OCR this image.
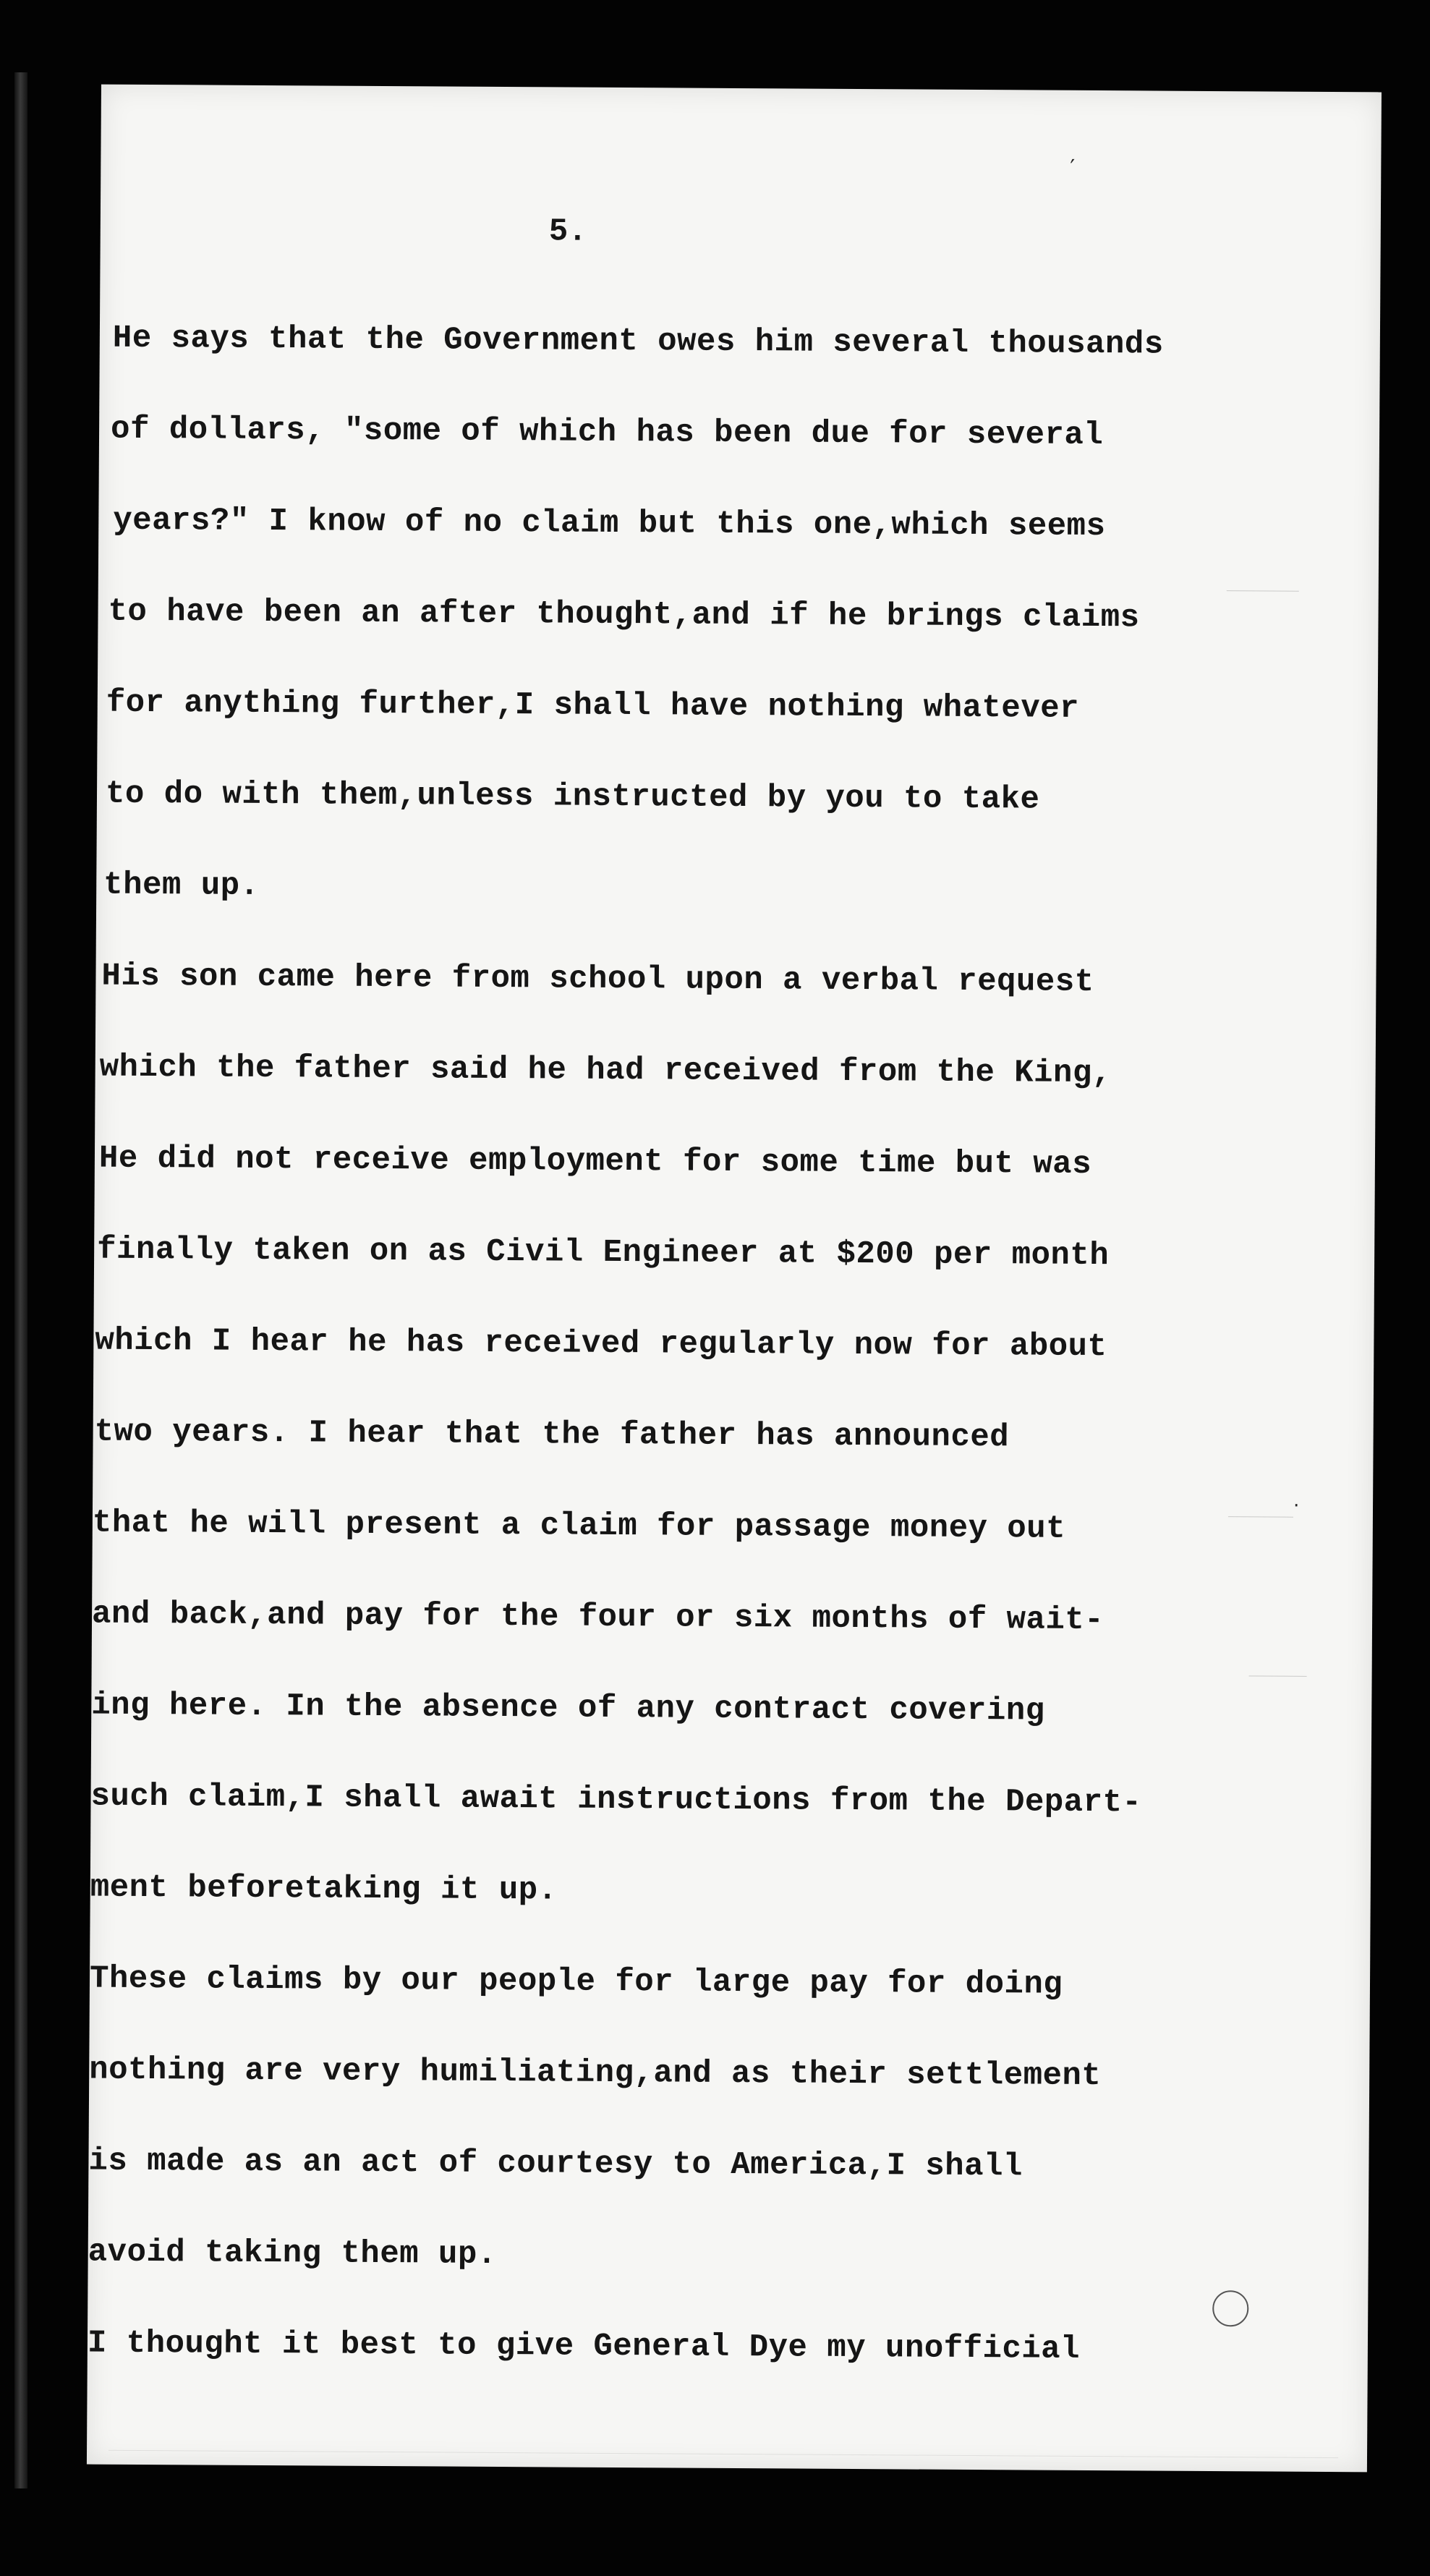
′
·
5.
He says that the Government owes him several thousands
of dollars, "some of which has been due for several
years?" I know of no claim but this one,which seems
to have been an after thought,and if he brings claims
for anything further,I shall have nothing whatever
to do with them,unless instructed by you to take
them up.
His son came here from school upon a verbal request
which the father said he had received from the King,
He did not receive employment for some time but was
finally taken on as Civil Engineer at $200 per month
which I hear he has received regularly now for about
two years. I hear that the father has announced
that he will present a claim for passage money out
and back,and pay for the four or six months of wait-
ing here. In the absence of any contract covering
such claim,I shall await instructions from the Depart-
ment beforetaking it up.
These claims by our people for large pay for doing
nothing are very humiliating,and as their settlement
is made as an act of courtesy to America,I shall
avoid taking them up.
I thought it best to give General Dye my unofficial
